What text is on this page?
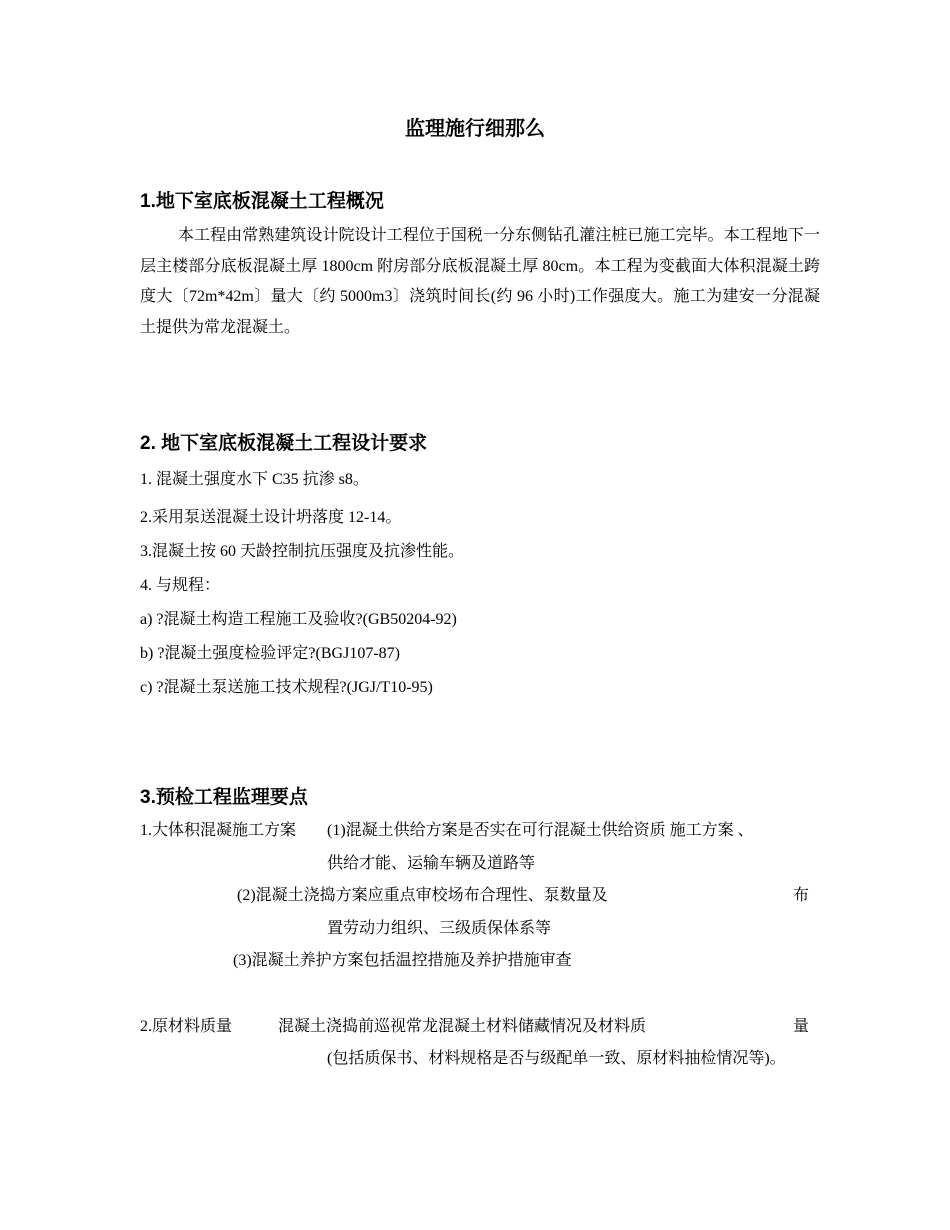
监理施行细那么
1.地下室底板混凝土工程概况

本工程由常熟建筑设计院设计工程位于国税一分东侧钻孔灌注桩已施工完毕。本工程地下一层主楼部分底板混凝土厚 1800cm 附房部分底板混凝土厚 80cm。本工程为变截面大体积混凝土跨度大〔72m*42m〕量大〔约 5000m3〕浇筑时间长(约 96 小时)工作强度大。施工为建安一分混凝土提供为常龙混凝土。

2. 地下室底板混凝土工程设计要求

1. 混凝土强度水下 C35 抗渗 s8。

2.采用泵送混凝土设计坍落度 12-14。

3.混凝土按 60 天龄控制抗压强度及抗渗性能。

4. 与规程：

a) ?混凝土构造工程施工及验收?(GB50204-92)

b) ?混凝土强度检验评定?(BGJ107-87)

c) ?混凝土泵送施工技术规程?(JGJ/T10-95)

3.预检工程监理要点

1.大体积混凝施工方案 (1)混凝土供给方案是否实在可行混凝土供给资质 施工方案 、

供给才能、运输车辆及道路等

(2)混凝土浇捣方案应重点审校场布合理性、泵数量及	布

置劳动力组织、三级质保体系等

(3)混凝土养护方案包括温控措施及养护措施审查

2.原材料质量	混凝土浇捣前巡视常龙混凝土材料储藏情况及材料质	量

(包括质保书、材料规格是否与级配单一致、原材料抽检情况等)。
